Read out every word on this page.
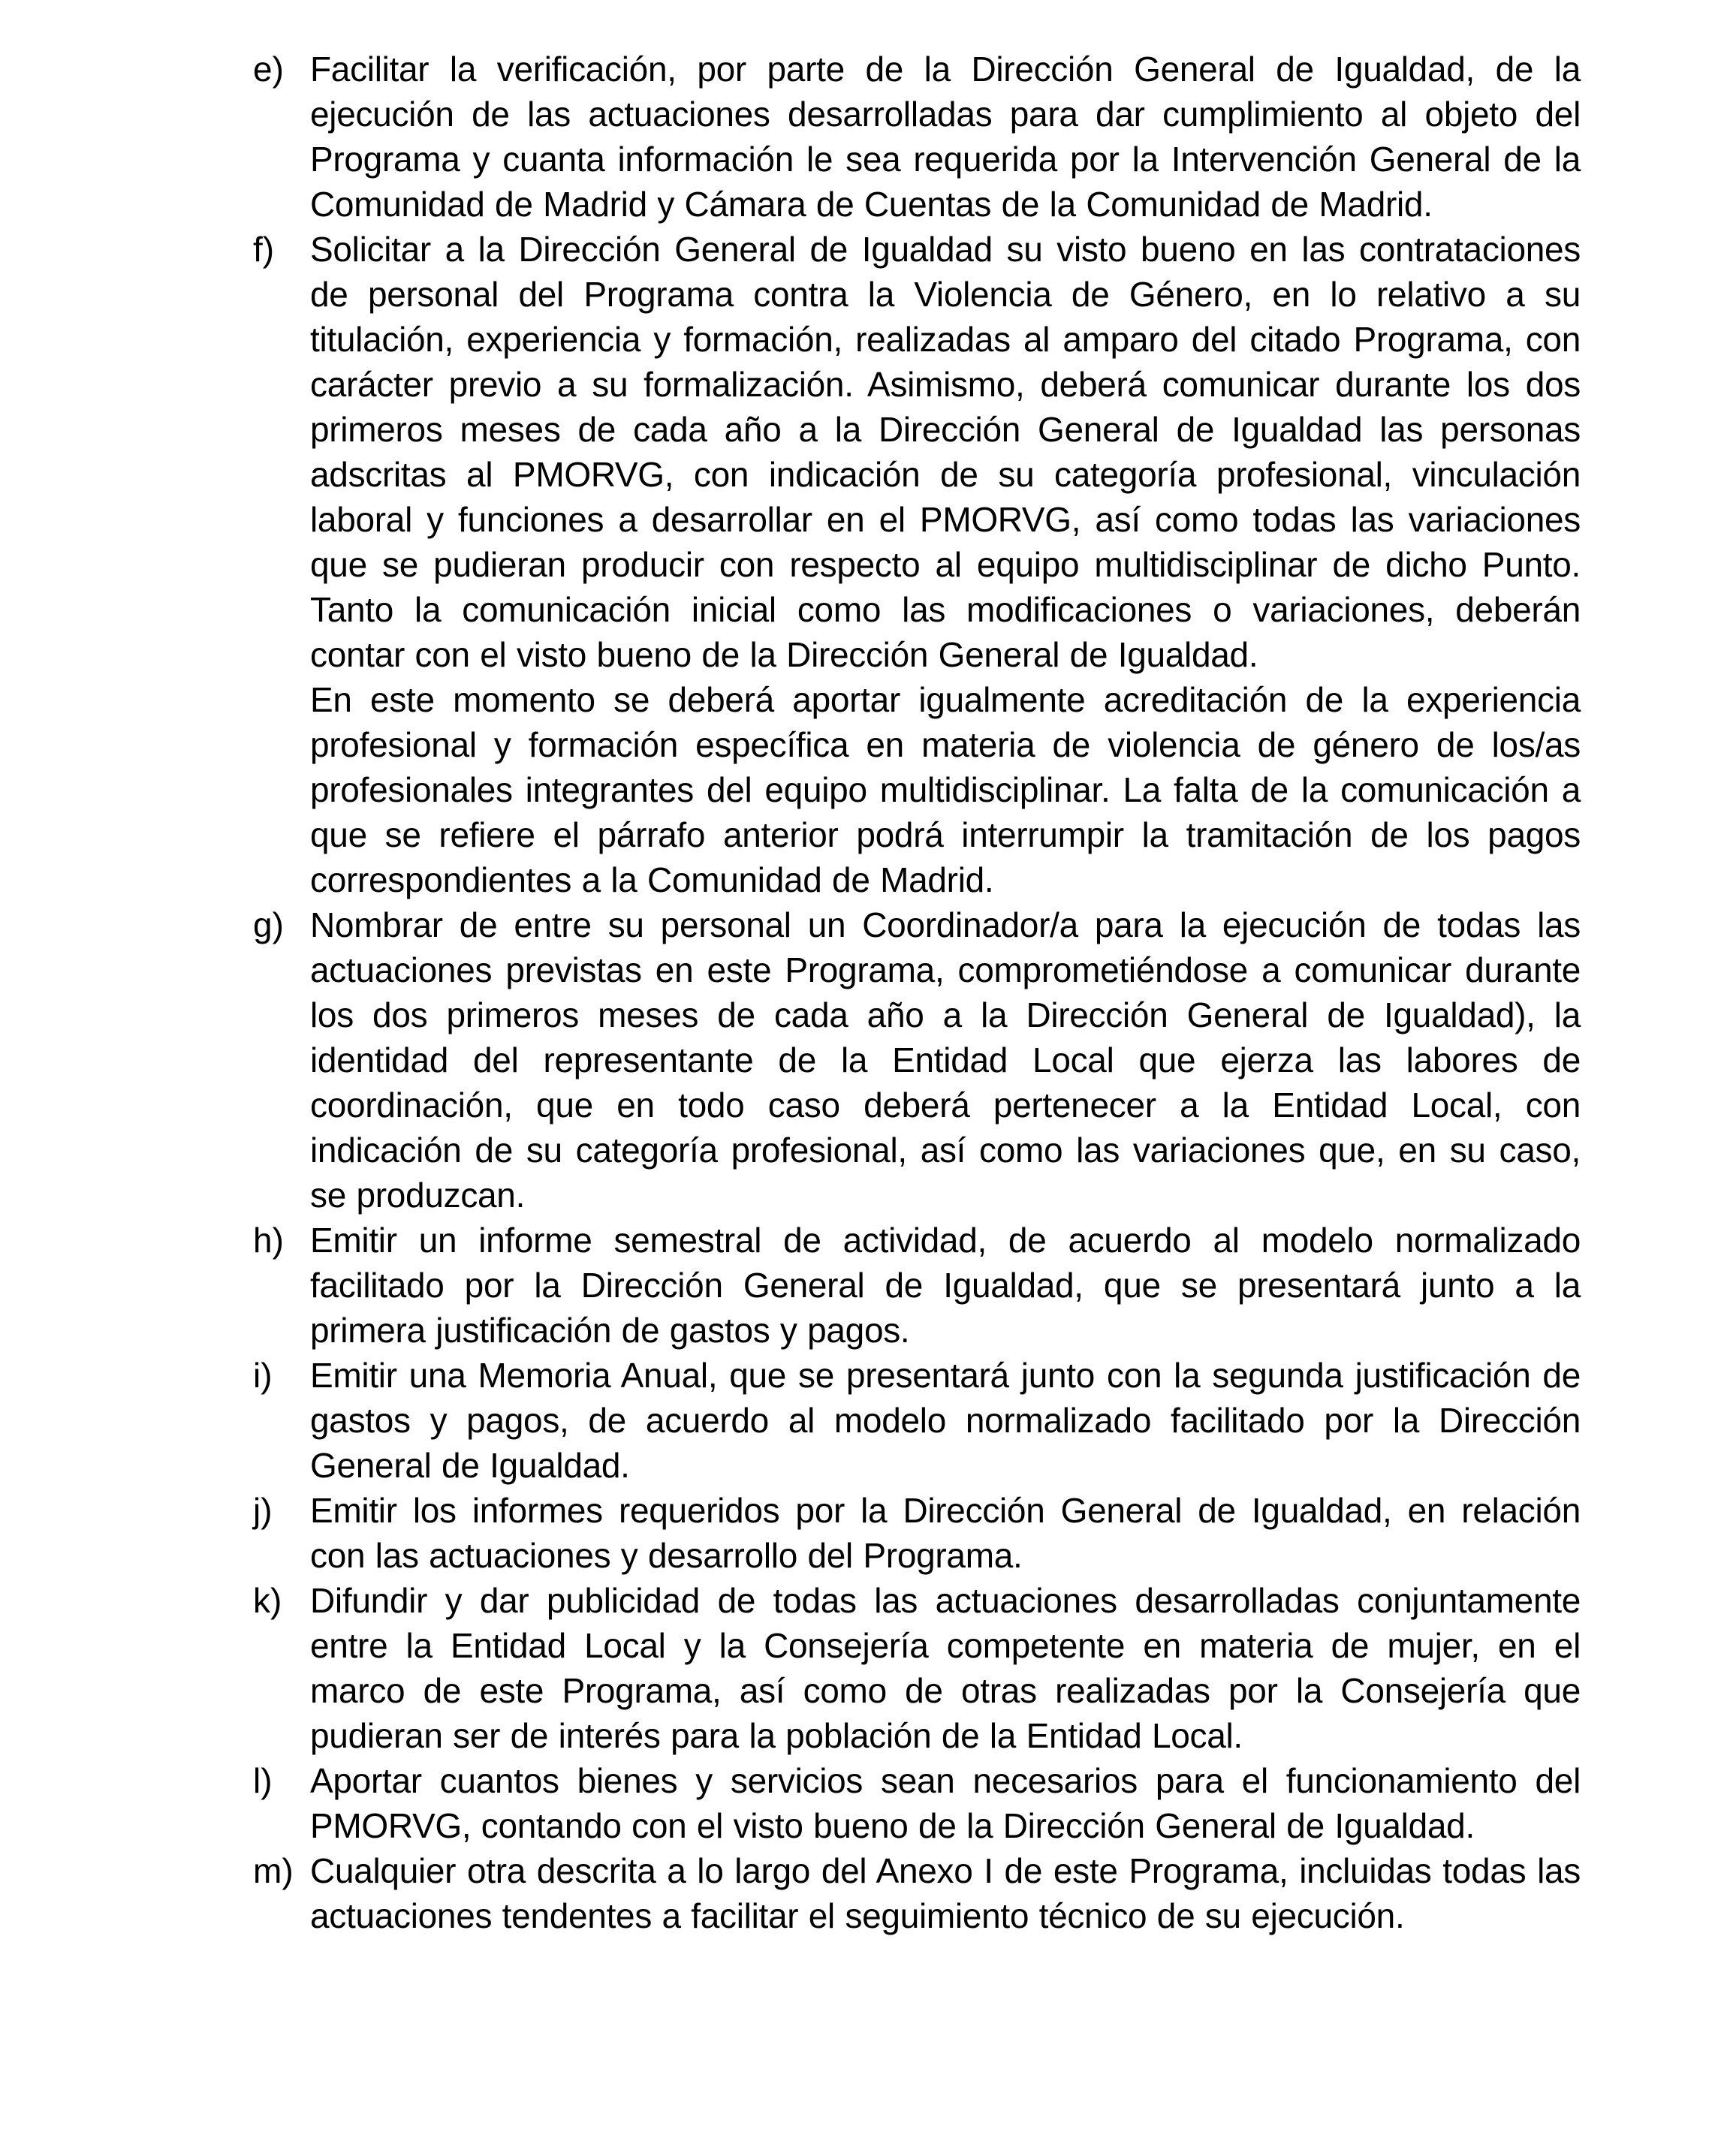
e) Facilitar la verificación, por parte de la Dirección General de Igualdad, de la ejecución de las actuaciones desarrolladas para dar cumplimiento al objeto del Programa y cuanta información le sea requerida por la Intervención General de la Comunidad de Madrid y Cámara de Cuentas de la Comunidad de Madrid.

f) Solicitar a la Dirección General de Igualdad su visto bueno en las contrataciones de personal del Programa contra la Violencia de Género, en lo relativo a su titulación, experiencia y formación, realizadas al amparo del citado Programa, con carácter previo a su formalización. Asimismo, deberá comunicar durante los dos primeros meses de cada año a la Dirección General de Igualdad las personas adscritas al PMORVG, con indicación de su categoría profesional, vinculación laboral y funciones a desarrollar en el PMORVG, así como todas las variaciones que se pudieran producir con respecto al equipo multidisciplinar de dicho Punto. Tanto la comunicación inicial como las modificaciones o variaciones, deberán contar con el visto bueno de la Dirección General de Igualdad.

En este momento se deberá aportar igualmente acreditación de la experiencia profesional y formación específica en materia de violencia de género de los/as profesionales integrantes del equipo multidisciplinar. La falta de la comunicación a que se refiere el párrafo anterior podrá interrumpir la tramitación de los pagos correspondientes a la Comunidad de Madrid.

g) Nombrar de entre su personal un Coordinador/a para la ejecución de todas las actuaciones previstas en este Programa, comprometiéndose a comunicar durante los dos primeros meses de cada año a la Dirección General de Igualdad), la identidad del representante de la Entidad Local que ejerza las labores de coordinación, que en todo caso deberá pertenecer a la Entidad Local, con indicación de su categoría profesional, así como las variaciones que, en su caso, se produzcan.

h) Emitir un informe semestral de actividad, de acuerdo al modelo normalizado facilitado por la Dirección General de Igualdad, que se presentará junto a la primera justificación de gastos y pagos.

i) Emitir una Memoria Anual, que se presentará junto con la segunda justificación de gastos y pagos, de acuerdo al modelo normalizado facilitado por la Dirección General de Igualdad.

j) Emitir los informes requeridos por la Dirección General de Igualdad, en relación con las actuaciones y desarrollo del Programa.

k) Difundir y dar publicidad de todas las actuaciones desarrolladas conjuntamente entre la Entidad Local y la Consejería competente en materia de mujer, en el marco de este Programa, así como de otras realizadas por la Consejería que pudieran ser de interés para la población de la Entidad Local.

l) Aportar cuantos bienes y servicios sean necesarios para el funcionamiento del PMORVG, contando con el visto bueno de la Dirección General de Igualdad.

m) Cualquier otra descrita a lo largo del Anexo I de este Programa, incluidas todas las actuaciones tendentes a facilitar el seguimiento técnico de su ejecución.
